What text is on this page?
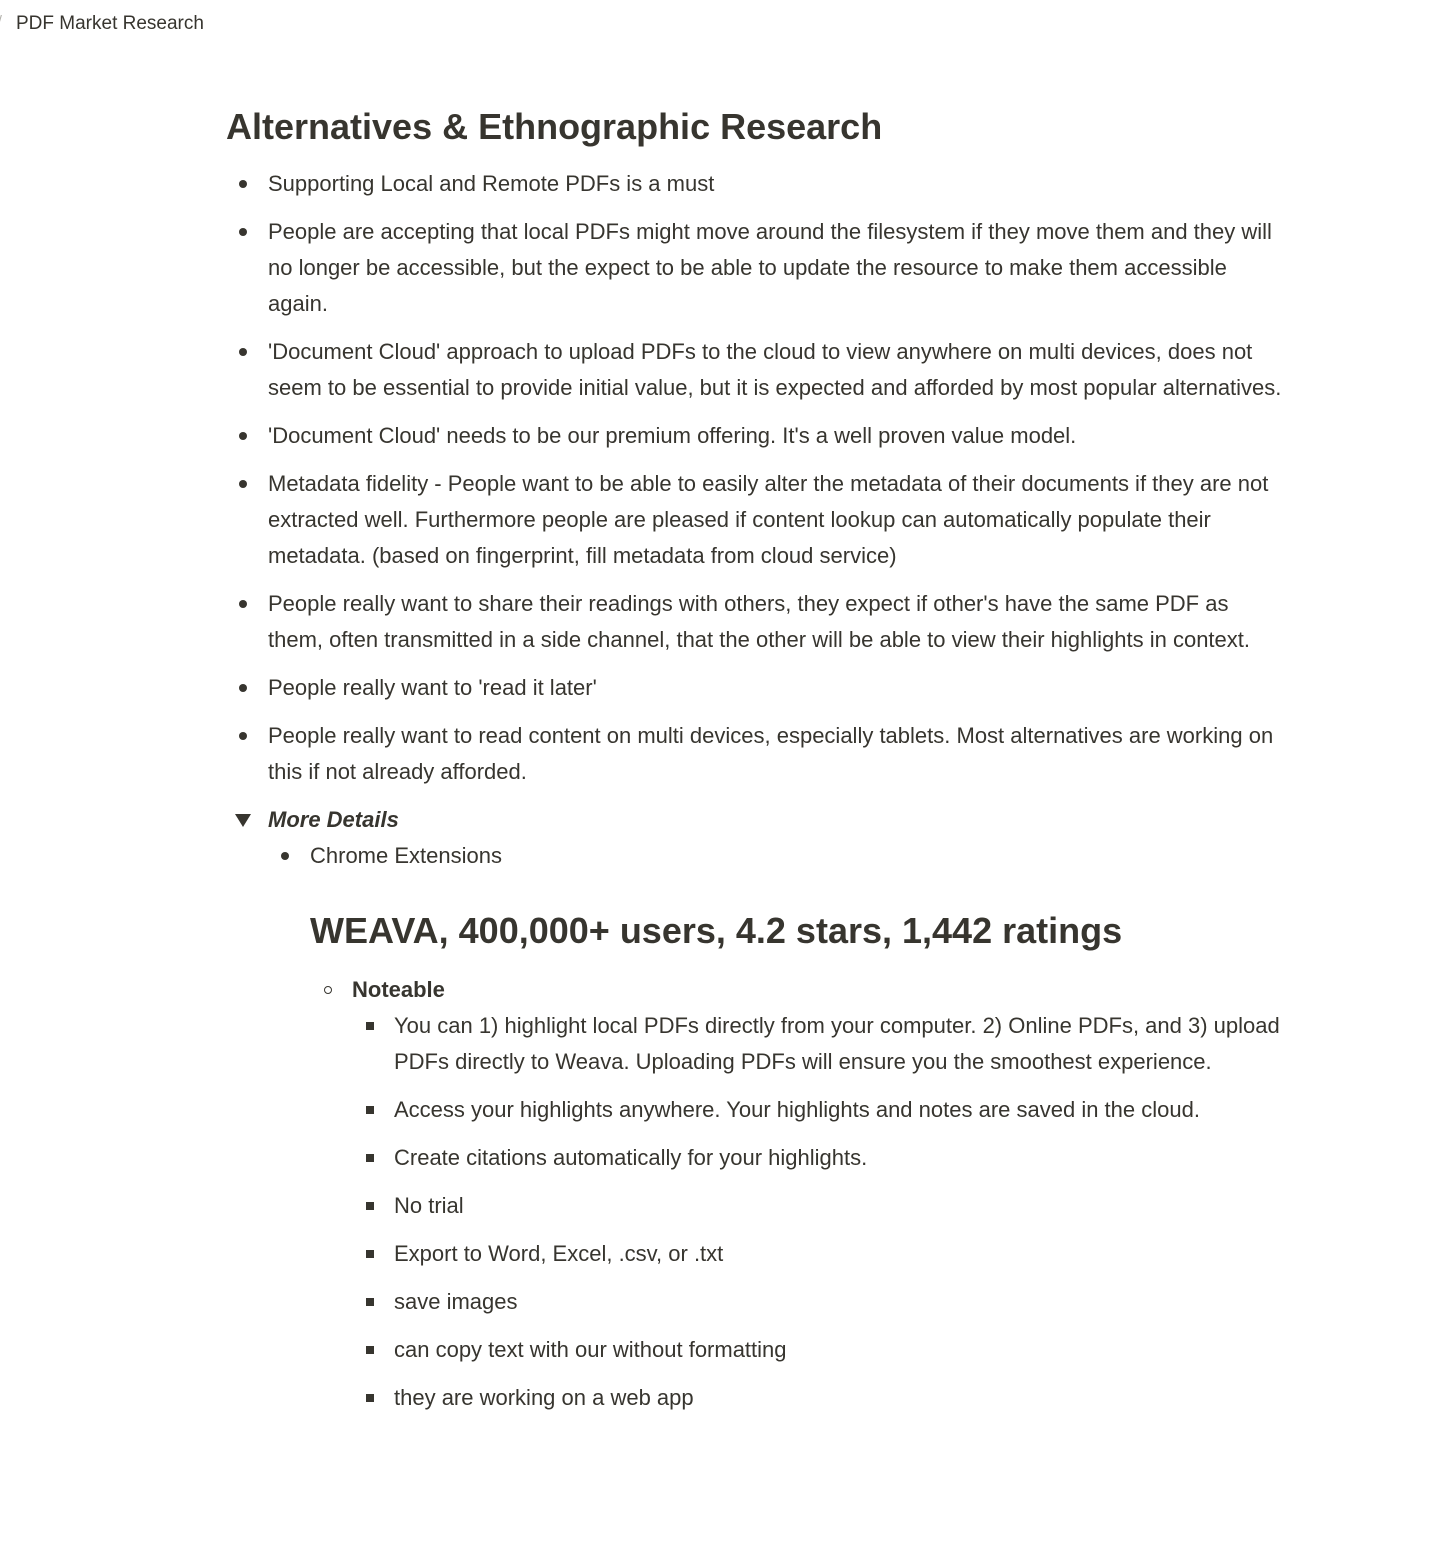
PDF Market Research
Alternatives & Ethnographic Research
Supporting Local and Remote PDFs is a must
People are accepting that local PDFs might move around the filesystem if they move them and they will no longer be accessible, but the expect to be able to update the resource to make them accessible again.
'Document Cloud' approach to upload PDFs to the cloud to view anywhere on multi devices, does not seem to be essential to provide initial value, but it is expected and afforded by most popular alternatives.
'Document Cloud' needs to be our premium offering. It's a well proven value model.
Metadata fidelity - People want to be able to easily alter the metadata of their documents if they are not extracted well. Furthermore people are pleased if content lookup can automatically populate their metadata. (based on fingerprint, fill metadata from cloud service)
People really want to share their readings with others, they expect if other's have the same PDF as them, often transmitted in a side channel, that the other will be able to view their highlights in context.
People really want to 'read it later'
People really want to read content on multi devices, especially tablets. Most alternatives are working on this if not already afforded.
More Details
Chrome Extensions
WEAVA, 400,000+ users, 4.2 stars, 1,442 ratings
Noteable
You can 1) highlight local PDFs directly from your computer. 2) Online PDFs, and 3) upload PDFs directly to Weava. Uploading PDFs will ensure you the smoothest experience.
Access your highlights anywhere. Your highlights and notes are saved in the cloud.
Create citations automatically for your highlights.
No trial
Export to Word, Excel, .csv, or .txt
save images
can copy text with our without formatting
they are working on a web app
